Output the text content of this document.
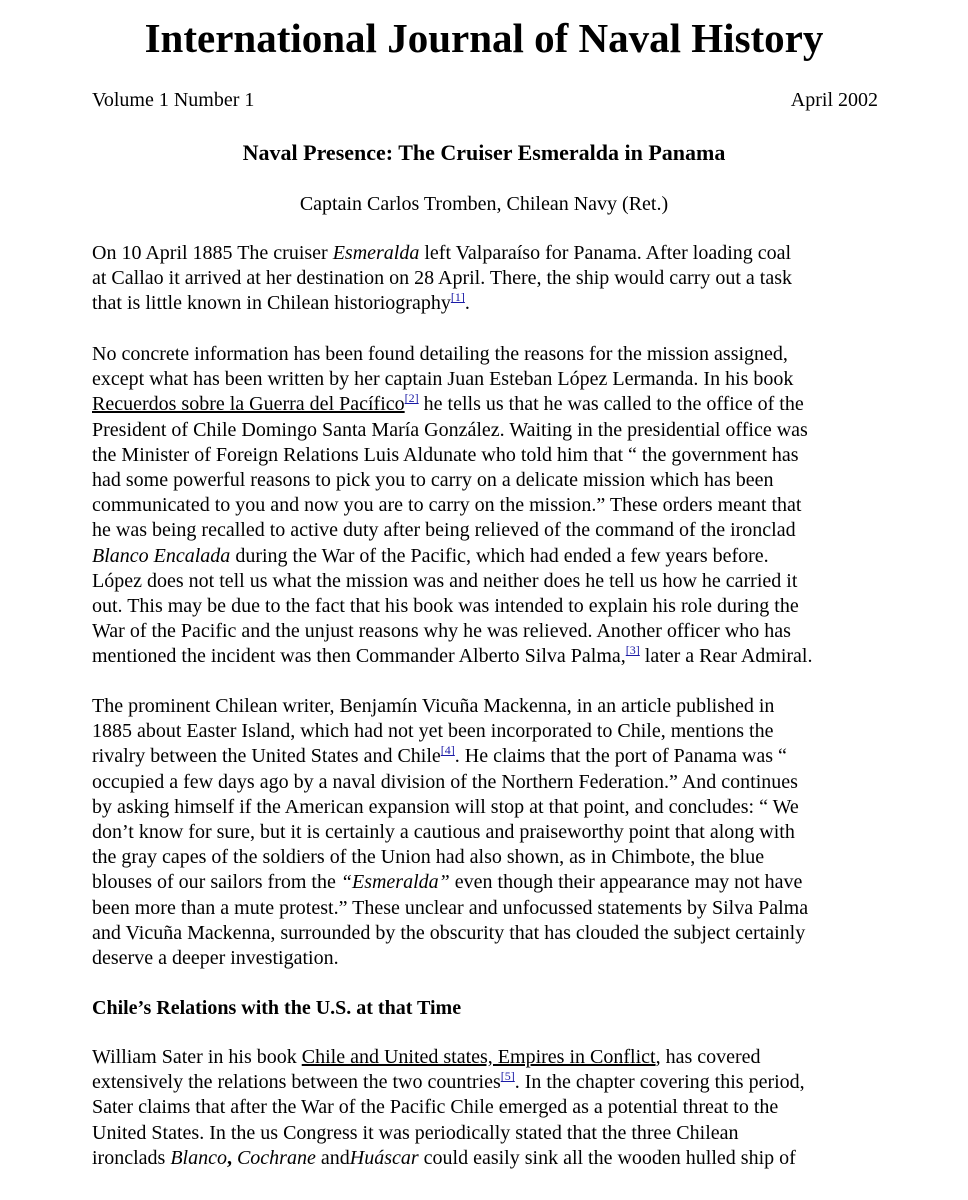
International Journal of Naval History
Volume 1 Number 1	April 2002
Naval Presence: The Cruiser Esmeralda in Panama
Captain Carlos Tromben, Chilean Navy (Ret.)
On 10 April 1885 The cruiser Esmeralda left Valparaíso for Panama. After loading coal
at Callao it arrived at her destination on 28 April. There, the ship would carry out a task
that is little known in Chilean historiography[1].
No concrete information has been found detailing the reasons for the mission assigned,
except what has been written by her captain Juan Esteban López Lermanda. In his book
Recuerdos sobre la Guerra del Pacífico[2] he tells us that he was called to the office of the
President of Chile Domingo Santa María González. Waiting in the presidential office was
the Minister of Foreign Relations Luis Aldunate who told him that “ the government has
had some powerful reasons to pick you to carry on a delicate mission which has been
communicated to you and now you are to carry on the mission.” These orders meant that
he was being recalled to active duty after being relieved of the command of the ironclad
Blanco Encalada during the War of the Pacific, which had ended a few years before.
López does not tell us what the mission was and neither does he tell us how he carried it
out. This may be due to the fact that his book was intended to explain his role during the
War of the Pacific and the unjust reasons why he was relieved. Another officer who has
mentioned the incident was then Commander Alberto Silva Palma,[3] later a Rear Admiral.
The prominent Chilean writer, Benjamín Vicuña Mackenna, in an article published in
1885 about Easter Island, which had not yet been incorporated to Chile, mentions the
rivalry between the United States and Chile[4]. He claims that the port of Panama was “
occupied a few days ago by a naval division of the Northern Federation.” And continues
by asking himself if the American expansion will stop at that point, and concludes: “ We
don’t know for sure, but it is certainly a cautious and praiseworthy point that along with
the gray capes of the soldiers of the Union had also shown, as in Chimbote, the blue
blouses of our sailors from the “Esmeralda” even though their appearance may not have
been more than a mute protest.” These unclear and unfocussed statements by Silva Palma
and Vicuña Mackenna, surrounded by the obscurity that has clouded the subject certainly
deserve a deeper investigation.
Chile’s Relations with the U.S. at that Time
William Sater in his book Chile and United states, Empires in Conflict, has covered
extensively the relations between the two countries[5]. In the chapter covering this period,
Sater claims that after the War of the Pacific Chile emerged as a potential threat to the
United States. In the us Congress it was periodically stated that the three Chilean
ironclads Blanco, Cochrane andHuáscar could easily sink all the wooden hulled ship of
